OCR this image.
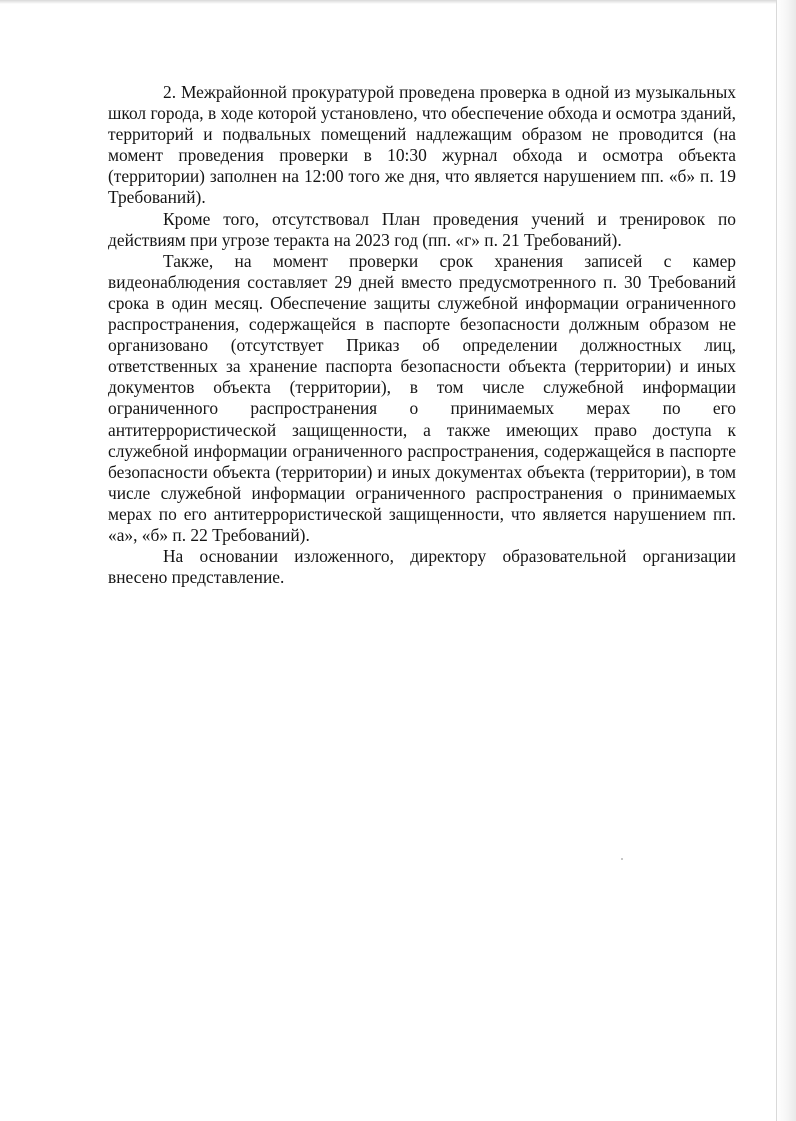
2. Межрайонной прокуратурой проведена проверка в одной из музыкальных школ города, в ходе которой установлено, что обеспечение обхода и осмотра зданий, территорий и подвальных помещений надлежащим образом не проводится (на момент проведения проверки в 10:30 журнал обхода и осмотра объекта (территории) заполнен на 12:00 того же дня, что является нарушением пп. «б» п. 19 Требований).

Кроме того, отсутствовал План проведения учений и тренировок по действиям при угрозе теракта на 2023 год (пп. «г» п. 21 Требований).

Также, на момент проверки срок хранения записей с камер видеонаблюдения составляет 29 дней вместо предусмотренного п. 30 Требований срока в один месяц. Обеспечение защиты служебной информации ограниченного распространения, содержащейся в паспорте безопасности должным образом не организовано (отсутствует Приказ об определении должностных лиц, ответственных за хранение паспорта безопасности объекта (территории) и иных документов объекта (территории), в том числе служебной информации ограниченного распространения о принимаемых мерах по его антитеррористической защищенности, а также имеющих право доступа к служебной информации ограниченного распространения, содержащейся в паспорте безопасности объекта (территории) и иных документах объекта (территории), в том числе служебной информации ограниченного распространения о принимаемых мерах по его антитеррористической защищенности, что является нарушением пп. «а», «б» п. 22 Требований).

На основании изложенного, директору образовательной организации внесено представление.
